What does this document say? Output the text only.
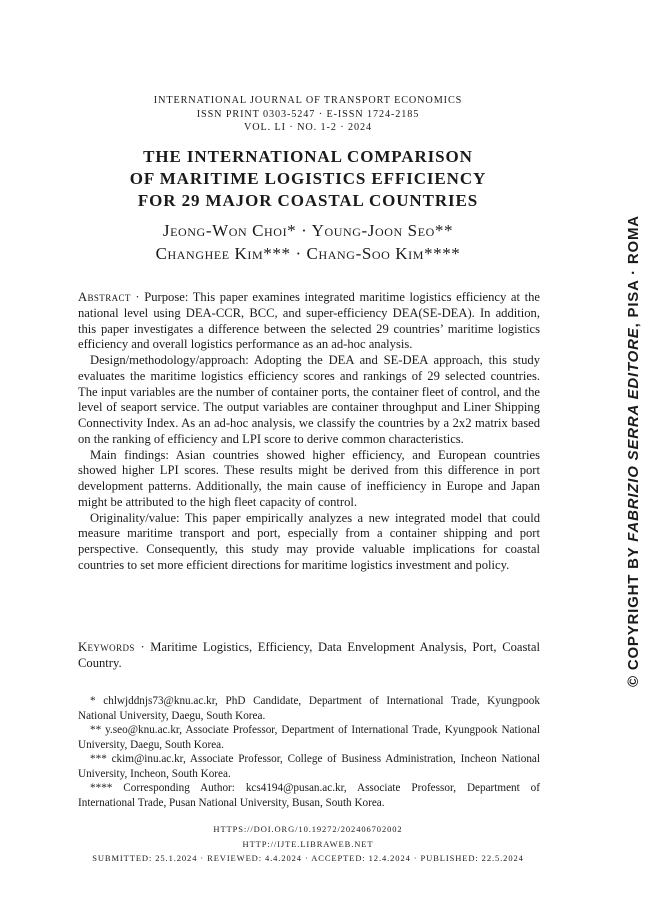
INTERNATIONAL JOURNAL OF TRANSPORT ECONOMICS
ISSN PRINT 0303-5247 · E-ISSN 1724-2185
VOL. LI · NO. 1-2 · 2024
THE INTERNATIONAL COMPARISON
OF MARITIME LOGISTICS EFFICIENCY
FOR 29 MAJOR COASTAL COUNTRIES
Jeong-Won Choi* · Young-Joon Seo**
Changhee Kim*** · Chang-Soo Kim****

Abstract · Purpose: This paper examines integrated maritime logistics efficiency at the national level using DEA-CCR, BCC, and super-efficiency DEA(SE-DEA). In addition, this paper investigates a difference between the selected 29 countries’ maritime logistics efficiency and overall logistics performance as an ad-hoc analysis.

Design/methodology/approach: Adopting the DEA and SE-DEA approach, this study evaluates the maritime logistics efficiency scores and rankings of 29 selected countries. The input variables are the number of container ports, the container fleet of control, and the level of seaport service. The output variables are container throughput and Liner Shipping Connectivity Index. As an ad-hoc analysis, we classify the countries by a 2x2 matrix based on the ranking of efficiency and LPI score to derive common characteristics.

Main findings: Asian countries showed higher efficiency, and European countries showed higher LPI scores. These results might be derived from this difference in port development patterns. Additionally, the main cause of inefficiency in Europe and Japan might be attributed to the high fleet capacity of control.

Originality/value: This paper empirically analyzes a new integrated model that could measure maritime transport and port, especially from a container shipping and port perspective. Consequently, this study may provide valuable implications for coastal countries to set more efficient directions for maritime logistics investment and policy.

Keywords · Maritime Logistics, Efficiency, Data Envelopment Analysis, Port, Coastal Country.

* chlwjddnjs73@knu.ac.kr, PhD Candidate, Department of International Trade, Kyungpook National University, Daegu, South Korea.

** y.seo@knu.ac.kr, Associate Professor, Department of International Trade, Kyungpook National University, Daegu, South Korea.

*** ckim@inu.ac.kr, Associate Professor, College of Business Administration, Incheon National University, Incheon, South Korea.

**** Corresponding Author: kcs4194@pusan.ac.kr, Associate Professor, Department of International Trade, Pusan National University, Busan, South Korea.

HTTPS://DOI.ORG/10.19272/202406702002
HTTP://IJTE.LIBRAWEB.NET
SUBMITTED: 25.1.2024 · REVIEWED: 4.4.2024 · ACCEPTED: 12.4.2024 · PUBLISHED: 22.5.2024
© COPYRIGHT BY FABRIZIO SERRA EDITORE, PISA · ROMA
